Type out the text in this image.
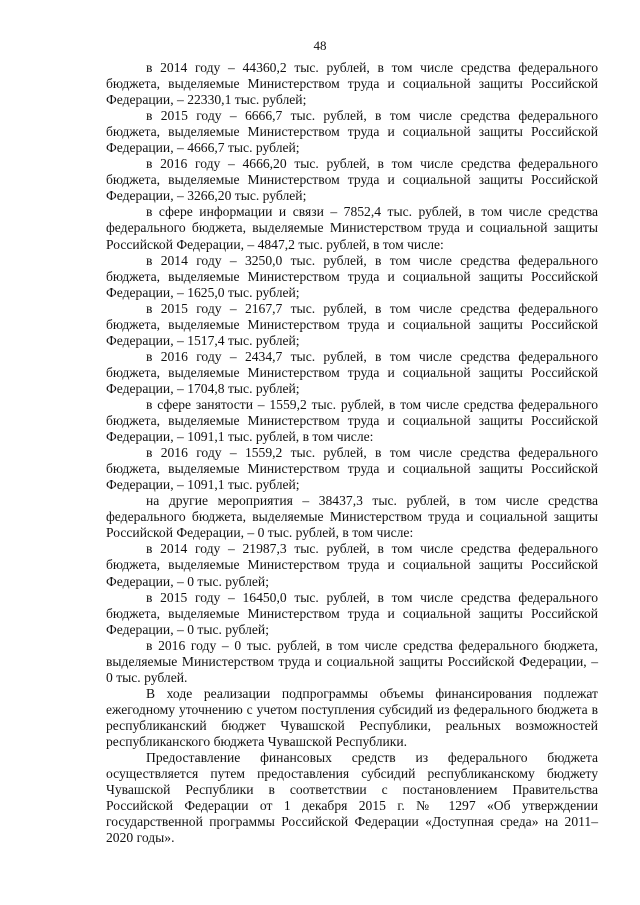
48

в 2014 году – 44360,2 тыс. рублей, в том числе средства федерального бюджета, выделяемые Министерством труда и социальной защиты Российской Федерации, – 22330,1 тыс. рублей;

в 2015 году – 6666,7 тыс. рублей, в том числе средства федерального бюджета, выделяемые Министерством труда и социальной защиты Российской Федерации, – 4666,7 тыс. рублей;

в 2016 году – 4666,20 тыс. рублей, в том числе средства федерального бюджета, выделяемые Министерством труда и социальной защиты Российской Федерации, – 3266,20 тыс. рублей;

в сфере информации и связи – 7852,4 тыс. рублей, в том числе средства федерального бюджета, выделяемые Министерством труда и социальной защиты Российской Федерации, – 4847,2 тыс. рублей, в том числе:

в 2014 году – 3250,0 тыс. рублей, в том числе средства федерального бюджета, выделяемые Министерством труда и социальной защиты Российской Федерации, – 1625,0 тыс. рублей;

в 2015 году – 2167,7 тыс. рублей, в том числе средства федерального бюджета, выделяемые Министерством труда и социальной защиты Российской Федерации, – 1517,4 тыс. рублей;

в 2016 году – 2434,7 тыс. рублей, в том числе средства федерального бюджета, выделяемые Министерством труда и социальной защиты Российской Федерации, – 1704,8 тыс. рублей;

в сфере занятости – 1559,2 тыс. рублей, в том числе средства федерального бюджета, выделяемые Министерством труда и социальной защиты Российской Федерации, – 1091,1 тыс. рублей, в том числе:

в 2016 году – 1559,2 тыс. рублей, в том числе средства федерального бюджета, выделяемые Министерством труда и социальной защиты Российской Федерации, – 1091,1 тыс. рублей;

на другие мероприятия – 38437,3 тыс. рублей, в том числе средства федерального бюджета, выделяемые Министерством труда и социальной защиты Российской Федерации, – 0 тыс. рублей, в том числе:

в 2014 году – 21987,3 тыс. рублей, в том числе средства федерального бюджета, выделяемые Министерством труда и социальной защиты Российской Федерации, – 0 тыс. рублей;

в 2015 году – 16450,0 тыс. рублей, в том числе средства федерального бюджета, выделяемые Министерством труда и социальной защиты Российской Федерации, – 0 тыс. рублей;

в 2016 году – 0 тыс. рублей, в том числе средства федерального бюджета, выделяемые Министерством труда и социальной защиты Российской Федерации, – 0 тыс. рублей.

В ходе реализации подпрограммы объемы финансирования подлежат ежегодному уточнению с учетом поступления субсидий из федерального бюджета в республиканский бюджет Чувашской Республики, реальных возможностей республиканского бюджета Чувашской Республики.

Предоставление финансовых средств из федерального бюджета осуществляется путем предоставления субсидий республиканскому бюджету Чувашской Республики в соответствии с постановлением Правительства Российской Федерации от 1 декабря 2015 г. № 1297 «Об утверждении государственной программы Российской Федерации «Доступная среда» на 2011–2020 годы».
